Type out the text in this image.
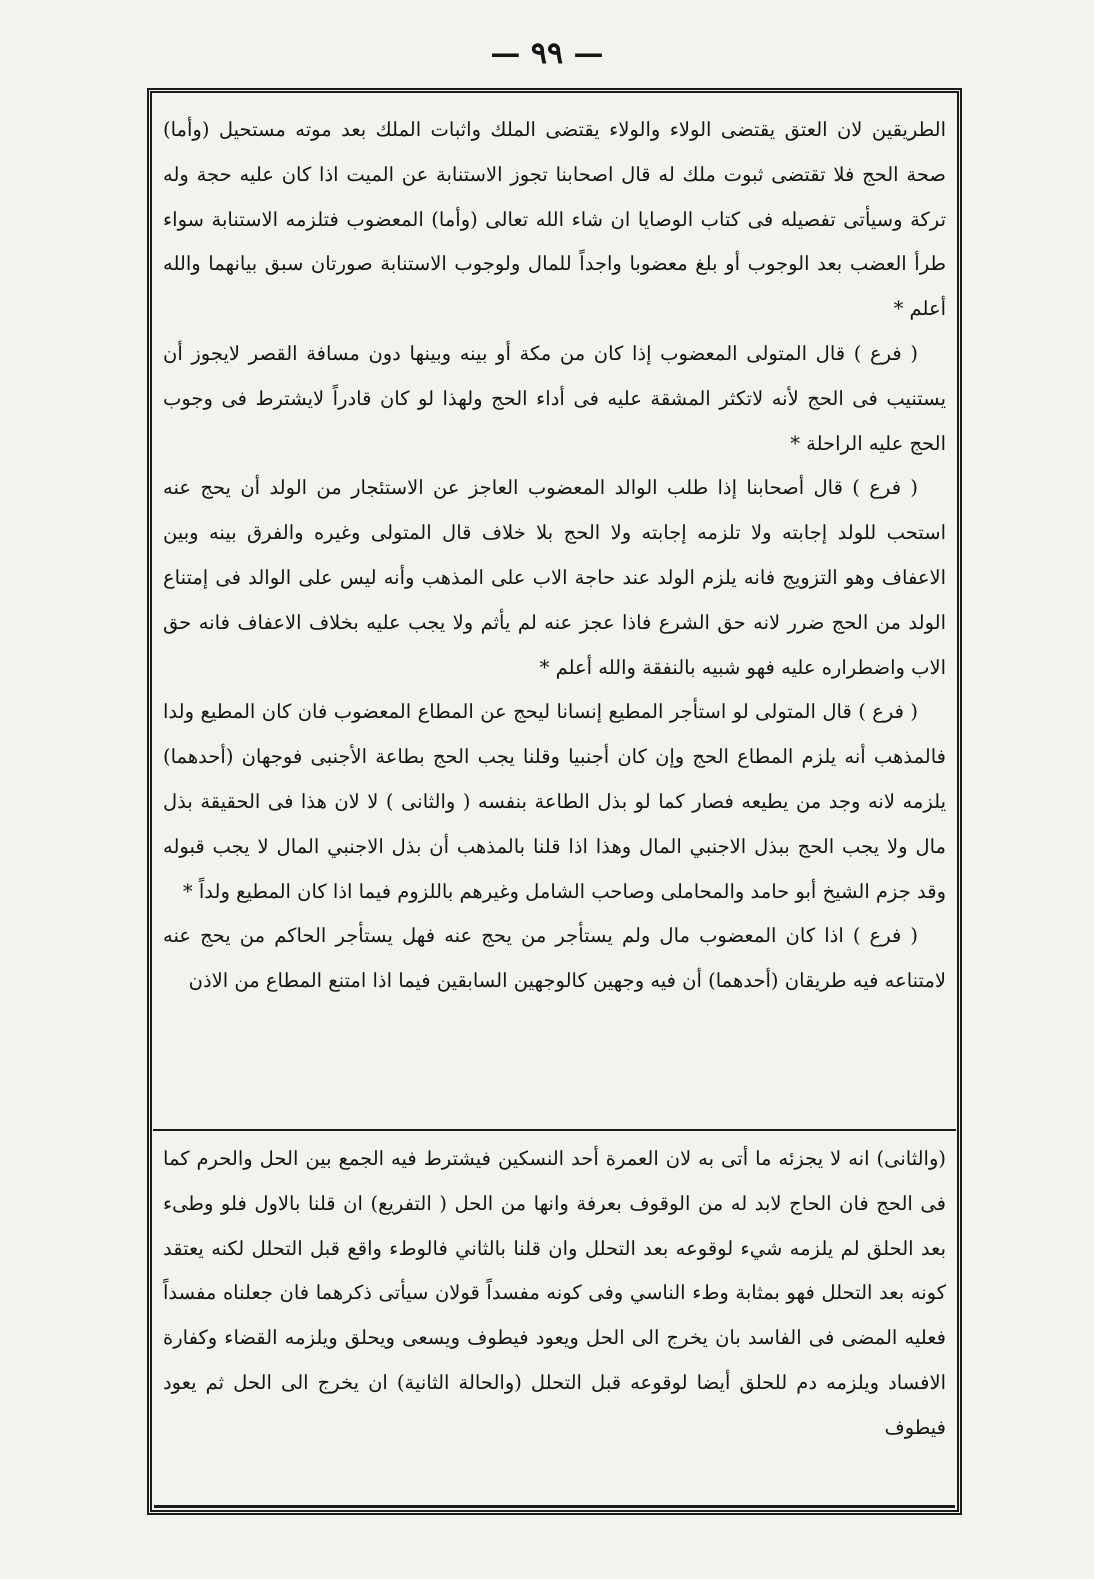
— ٩٩ —

الطريقين لان العتق يقتضى الولاء والولاء يقتضى الملك واثبات الملك بعد موته مستحيل (وأما) صحة الحج فلا تقتضى ثبوت ملك له قال اصحابنا تجوز الاستنابة عن الميت اذا كان عليه حجة وله تركة وسيأتى تفصيله فى كتاب الوصايا ان شاء الله تعالى (وأما) المعضوب فتلزمه الاستنابة سواء طرأ العضب بعد الوجوب أو بلغ معضوبا واجداً للمال ولوجوب الاستنابة صورتان سبق بيانهما والله أعلم *

( فرع ) قال المتولى المعضوب إذا كان من مكة أو بينه وبينها دون مسافة القصر لايجوز أن يستنيب فى الحج لأنه لاتكثر المشقة عليه فى أداء الحج ولهذا لو كان قادراً لايشترط فى وجوب الحج عليه الراحلة *

( فرع ) قال أصحابنا إذا طلب الوالد المعضوب العاجز عن الاستئجار من الولد أن يحج عنه استحب للولد إجابته ولا تلزمه إجابته ولا الحج بلا خلاف قال المتولى وغيره والفرق بينه وبين الاعفاف وهو التزويج فانه يلزم الولد عند حاجة الاب على المذهب وأنه ليس على الوالد فى إمتناع الولد من الحج ضرر لانه حق الشرع فاذا عجز عنه لم يأثم ولا يجب عليه بخلاف الاعفاف فانه حق الاب واضطراره عليه فهو شبيه بالنفقة والله أعلم *

( فرع ) قال المتولى لو استأجر المطيع إنسانا ليحج عن المطاع المعضوب فان كان المطيع ولدا فالمذهب أنه يلزم المطاع الحج وإن كان أجنبيا وقلنا يجب الحج بطاعة الأجنبى فوجهان (أحدهما) يلزمه لانه وجد من يطيعه فصار كما لو بذل الطاعة بنفسه ( والثانى ) لا لان هذا فى الحقيقة بذل مال ولا يجب الحج ببذل الاجنبي المال وهذا اذا قلنا بالمذهب أن بذل الاجنبي المال لا يجب قبوله وقد جزم الشيخ أبو حامد والمحاملى وصاحب الشامل وغيرهم باللزوم فيما اذا كان المطيع ولداً *

( فرع ) اذا كان المعضوب مال ولم يستأجر من يحج عنه فهل يستأجر الحاكم من يحج عنه لامتناعه فيه طريقان (أحدهما) أن فيه وجهين كالوجهين السابقين فيما اذا امتنع المطاع من الاذن

(والثانى) انه لا يجزئه ما أتى به لان العمرة أحد النسكين فيشترط فيه الجمع بين الحل والحرم كما فى الحج فان الحاج لابد له من الوقوف بعرفة وانها من الحل ( التفريع) ان قلنا بالاول فلو وطىء بعد الحلق لم يلزمه شيء لوقوعه بعد التحلل وان قلنا بالثاني فالوطء واقع قبل التحلل لكنه يعتقد كونه بعد التحلل فهو بمثابة وطء الناسي وفى كونه مفسداً قولان سيأتى ذكرهما فان جعلناه مفسداً فعليه المضى فى الفاسد بان يخرج الى الحل ويعود فيطوف ويسعى ويحلق ويلزمه القضاء وكفارة الافساد ويلزمه دم للحلق أيضا لوقوعه قبل التحلل (والحالة الثانية) ان يخرج الى الحل ثم يعود فيطوف
